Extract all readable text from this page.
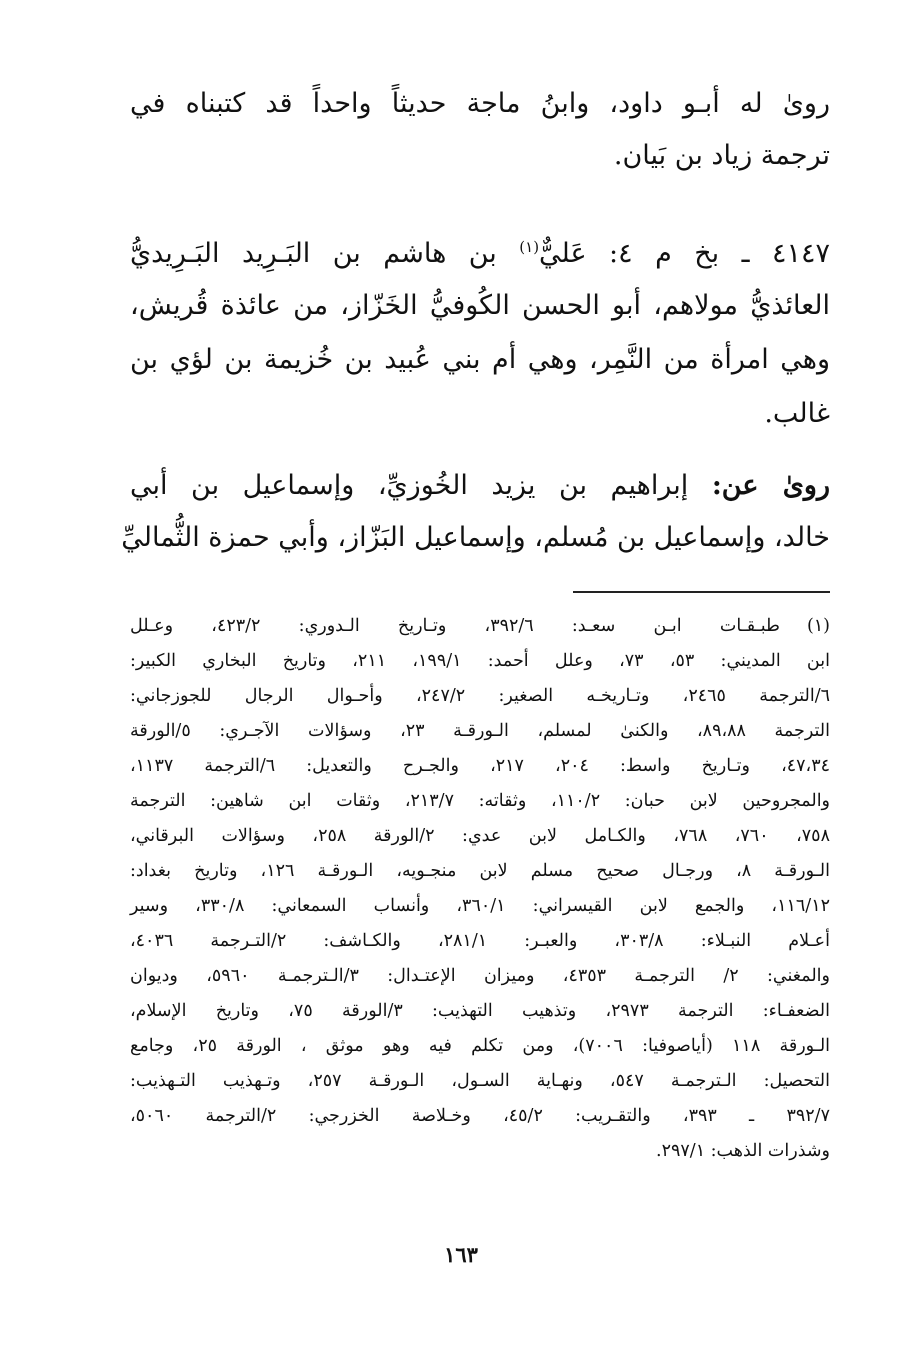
روىٰ له أبـو داود، وابنُ ماجة حديثاً واحداً قد كتبناه في
ترجمة زياد بن بَيان.
٤١٤٧ ـ بخ م ٤: عَليٌّ$^{(١)}$ بن هاشم بن البَـرِيد البَـرِيديُّ
العائذيُّ مولاهم، أبو الحسن الكُوفيُّ الخَزّاز، من عائذة قُريش،
وهي امرأة من النَّمِر، وهي أم بني عُبيد بن خُزيمة بن لؤي بن
غالب.
روىٰ عن: إبراهيم بن يزيد الخُوزيِّ، وإسماعيل بن أبي
خالد، وإسماعيل بن مُسلم، وإسماعيل البَزّاز، وأبي حمزة الثُّماليِّ
(١)
طبـقـات ابـن سعـد: ٣٩٢/٦، وتـاريخ الـدوري: ٤٢٣/٢، وعـلل
ابن المديني: ٥٣، ٧٣، وعلل أحمد: ١٩٩/١، ٢١١، وتاريخ البخاري الكبير:
٦/الترجمة ٢٤٦٥، وتـاريخـه الصغير: ٢٤٧/٢، وأحـوال الرجال للجوزجاني:
الترجمة ٨٩،٨٨، والكنىٰ لمسلم، الـورقـة ٢٣، وسؤالات الآجـري: ٥/الورقة
٤٧،٣٤، وتـاريخ واسط: ٢٠٤، ٢١٧، والجـرح والتعديل: ٦/الترجمة ١١٣٧،
والمجروحين لابن حبان: ١١٠/٢، وثقاته: ٢١٣/٧، وثقات ابن شاهين: الترجمة
٧٥٨، ٧٦٠، ٧٦٨، والكـامل لابن عدي: ٢/الورقة ٢٥٨، وسؤالات البرقاني،
الـورقـة ٨، ورجـال صحيح مسلم لابن منجـويه، الـورقـة ١٢٦، وتاريخ بغداد:
١١٦/١٢، والجمع لابن القيسراني: ٣٦٠/١، وأنساب السمعاني: ٣٣٠/٨، وسير
أعـلام النبـلاء: ٣٠٣/٨، والعبـر: ٢٨١/١، والكـاشف: ٢/التـرجمة ٤٠٣٦،
والمغني: ٢/ الترجمـة ٤٣٥٣، وميزان الإعتـدال: ٣/الـترجمـة ٥٩٦٠، وديوان
الضعفـاء: الترجمة ٢٩٧٣، وتذهيب التهذيب: ٣/الورقة ٧٥، وتاريخ الإسلام،
الـورقة ١١٨ (أياصوفيا: ٧٠٠٦)، ومن تكلم فيه وهو موثق ، الورقة ٢٥، وجامع
التحصيل: الـترجمـة ٥٤٧، ونهـاية السـول، الـورقـة ٢٥٧، وتـهذيب التـهذيب:
٣٩٢/٧ ـ ٣٩٣، والتقـريب: ٤٥/٢، وخـلاصة الخزرجي: ٢/الترجمة ٥٠٦٠،
وشذرات الذهب: ٢٩٧/١.
١٦٣
